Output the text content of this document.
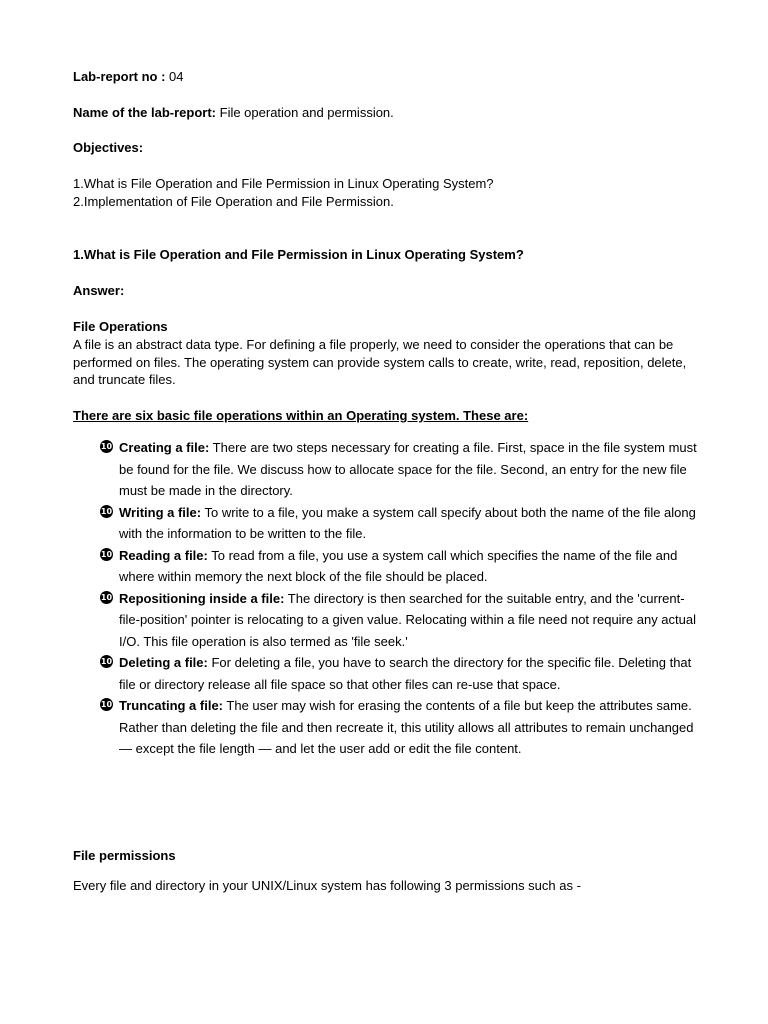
Lab-report no : 04
Name of the lab-report: File operation and permission.
Objectives:
1.What is File Operation and File Permission in Linux Operating System?
2.Implementation of File Operation and File Permission.
1.What is File Operation and File Permission in Linux Operating System?
Answer:
File Operations
A file is an abstract data type. For defining a file properly, we need to consider the operations that can be performed on files. The operating system can provide system calls to create, write, read, reposition, delete, and truncate files.
There are six basic file operations within an Operating system. These are:
10 Creating a file: There are two steps necessary for creating a file. First, space in the file system must be found for the file. We discuss how to allocate space for the file. Second, an entry for the new file must be made in the directory.
10 Writing a file: To write to a file, you make a system call specify about both the name of the file along with the information to be written to the file.
10 Reading a file: To read from a file, you use a system call which specifies the name of the file and where within memory the next block of the file should be placed.
10 Repositioning inside a file: The directory is then searched for the suitable entry, and the 'current-file-position' pointer is relocating to a given value. Relocating within a file need not require any actual I/O. This file operation is also termed as 'file seek.'
10 Deleting a file: For deleting a file, you have to search the directory for the specific file. Deleting that file or directory release all file space so that other files can re-use that space.
10 Truncating a file: The user may wish for erasing the contents of a file but keep the attributes same. Rather than deleting the file and then recreate it, this utility allows all attributes to remain unchanged — except the file length — and let the user add or edit the file content.
File permissions
Every file and directory in your UNIX/Linux system has following 3 permissions such as -
